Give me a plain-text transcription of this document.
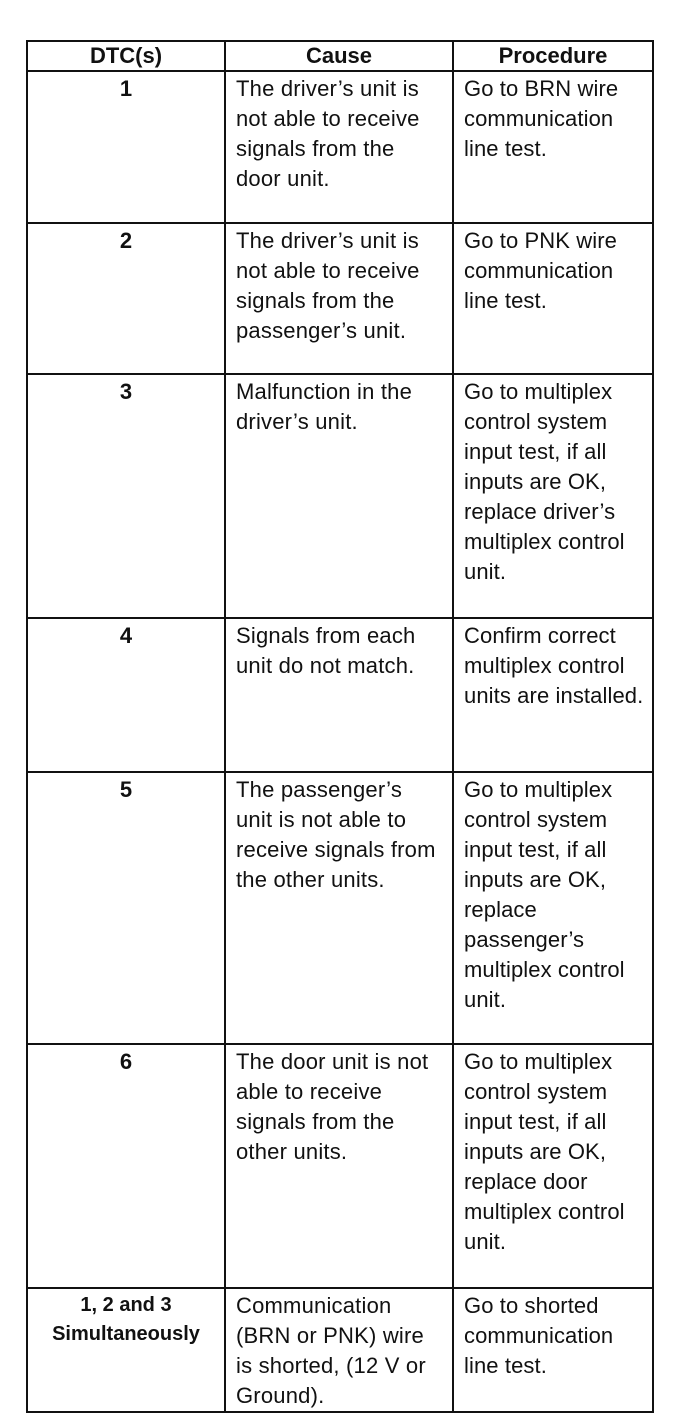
DTC(s)	Cause	Procedure
1	The driver’s unit is not able to receive signals from the door unit.	Go to BRN wire communication line test.
2	The driver’s unit is not able to receive signals from the passenger’s unit.	Go to PNK wire communication line test.
3	Malfunction in the driver’s unit.	Go to multiplex control system input test, if all inputs are OK, replace driver’s multiplex control unit.
4	Signals from each unit do not match.	Confirm correct multiplex control units are installed.
5	The passenger’s unit is not able to receive signals from the other units.	Go to multiplex control system input test, if all inputs are OK, replace passenger’s multiplex control unit.
6	The door unit is not able to receive signals from the other units.	Go to multiplex control system input test, if all inputs are OK, replace door multiplex control unit.
1, 2 and 3 Simultaneously	Communication (BRN or PNK) wire is shorted, (12 V or Ground).	Go to shorted communication line test.
